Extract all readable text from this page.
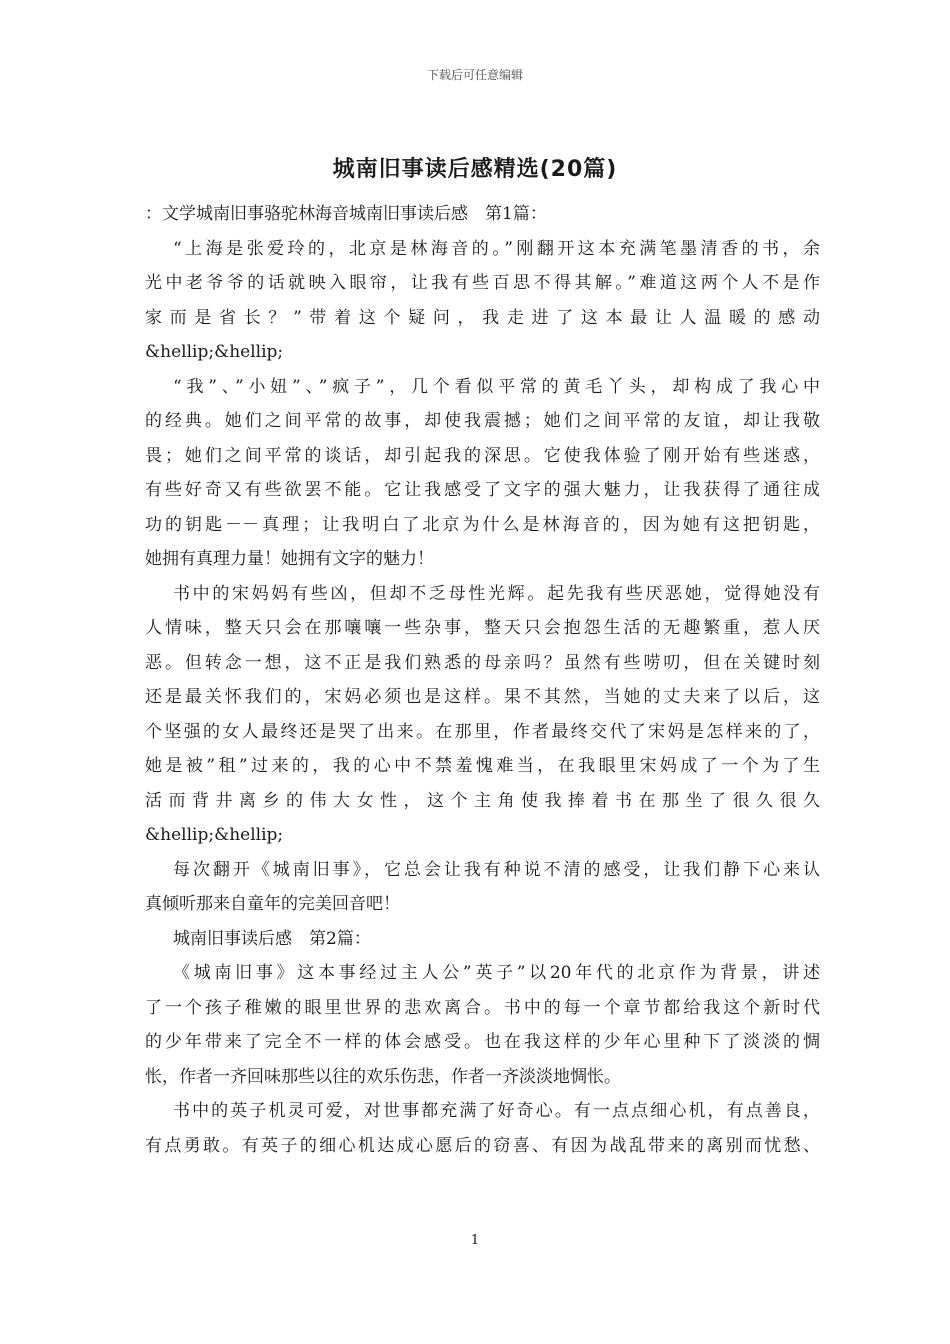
下载后可任意编辑
城南旧事读后感精选(20篇)
：文学城南旧事骆驼林海音城南旧事读后感　第1篇：
“上海是张爱玲的，北京是林海音的。”刚翻开这本充满笔墨清香的书，余
光中老爷爷的话就映入眼帘，让我有些百思不得其解。”难道这两个人不是作
家而是省长？”带着这个疑问，我走进了这本最让人温暖的感动
&hellip;&hellip;
“我”、”小妞”、”疯子”，几个看似平常的黄毛丫头，却构成了我心中
的经典。她们之间平常的故事，却使我震撼；她们之间平常的友谊，却让我敬
畏；她们之间平常的谈话，却引起我的深思。它使我体验了刚开始有些迷惑，
有些好奇又有些欲罢不能。它让我感受了文字的强大魅力，让我获得了通往成
功的钥匙－－真理；让我明白了北京为什么是林海音的，因为她有这把钥匙，
她拥有真理力量！她拥有文字的魅力！
书中的宋妈妈有些凶，但却不乏母性光辉。起先我有些厌恶她，觉得她没有
人情味，整天只会在那嚷嚷一些杂事，整天只会抱怨生活的无趣繁重，惹人厌
恶。但转念一想，这不正是我们熟悉的母亲吗？虽然有些唠叨，但在关键时刻
还是最关怀我们的，宋妈必须也是这样。果不其然，当她的丈夫来了以后，这
个坚强的女人最终还是哭了出来。在那里，作者最终交代了宋妈是怎样来的了，
她是被”租”过来的，我的心中不禁羞愧难当，在我眼里宋妈成了一个为了生
活而背井离乡的伟大女性，这个主角使我捧着书在那坐了很久很久
&hellip;&hellip;
每次翻开《城南旧事》，它总会让我有种说不清的感受，让我们静下心来认
真倾听那来自童年的完美回音吧！
城南旧事读后感　第2篇：
《城南旧事》这本事经过主人公”英子”以20年代的北京作为背景，讲述
了一个孩子稚嫩的眼里世界的悲欢离合。书中的每一个章节都给我这个新时代
的少年带来了完全不一样的体会感受。也在我这样的少年心里种下了淡淡的惆
怅，作者一齐回味那些以往的欢乐伤悲，作者一齐淡淡地惆怅。
书中的英子机灵可爱，对世事都充满了好奇心。有一点点细心机，有点善良，
有点勇敢。有英子的细心机达成心愿后的窃喜、有因为战乱带来的离别而忧愁、
1
